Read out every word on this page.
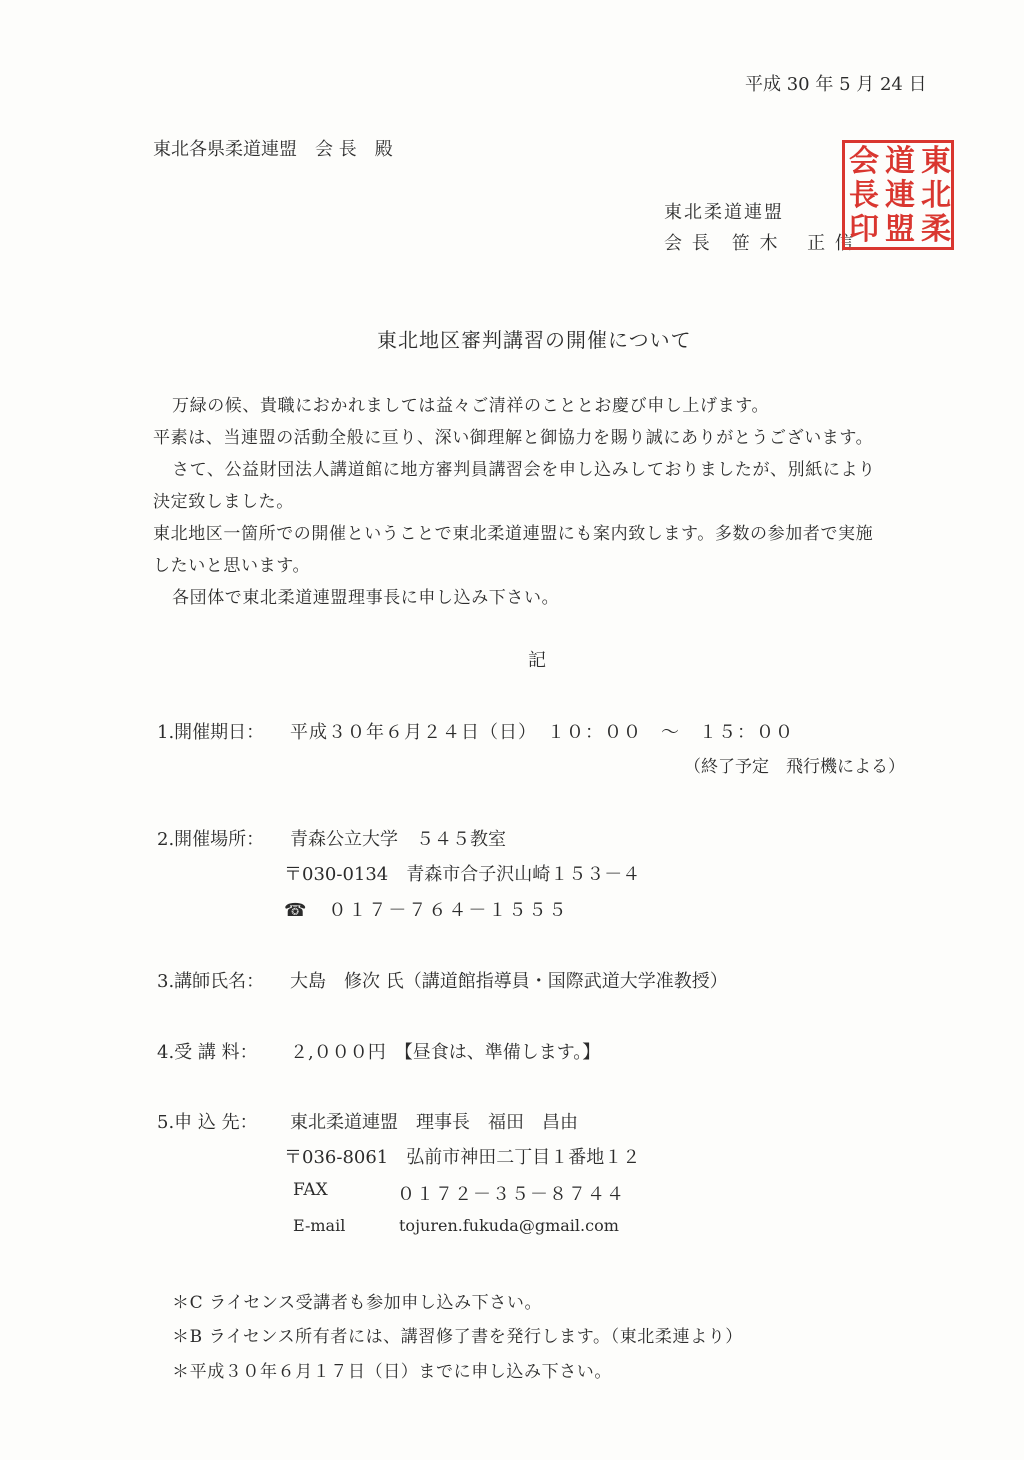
平成 30 年 5 月 24 日
東北各県柔道連盟　会 長　殿
東北柔道連盟
会 長　笹 木　 正 信
東
北
柔
道
連
盟
会
長
印
東北地区審判講習の開催について
万緑の候、貴職におかれましては益々ご清祥のこととお慶び申し上げます。
平素は、当連盟の活動全般に亘り、深い御理解と御協力を賜り誠にありがとうございます。
さて、公益財団法人講道館に地方審判員講習会を申し込みしておりましたが、別紙により
決定致しました。
東北地区一箇所での開催ということで東北柔道連盟にも案内致します。多数の参加者で実施
したいと思います。
各団体で東北柔道連盟理事長に申し込み下さい。
記
1.開催期日： 平成３０年６月２４日（日）　１０：００　～　１５：００
（終了予定　飛行機による）
2.開催場所： 青森公立大学　５４５教室
〒030-0134　青森市合子沢山崎１５３－４
☎　０１７－７６４－１５５５
3.講師氏名： 大島　修次 氏（講道館指導員・国際武道大学准教授）
4.受 講 料： ２,０００円　【昼食は、準備します。】
5.申 込 先： 東北柔道連盟　理事長　福田　昌由
〒036-8061　弘前市神田二丁目１番地１２
FAX	０１７２－３５－８７４４
E-mail	tojuren.fukuda@gmail.com
＊C ライセンス受講者も参加申し込み下さい。
＊B ライセンス所有者には、講習修了書を発行します。（東北柔連より）
＊平成３０年６月１７日（日）までに申し込み下さい。
